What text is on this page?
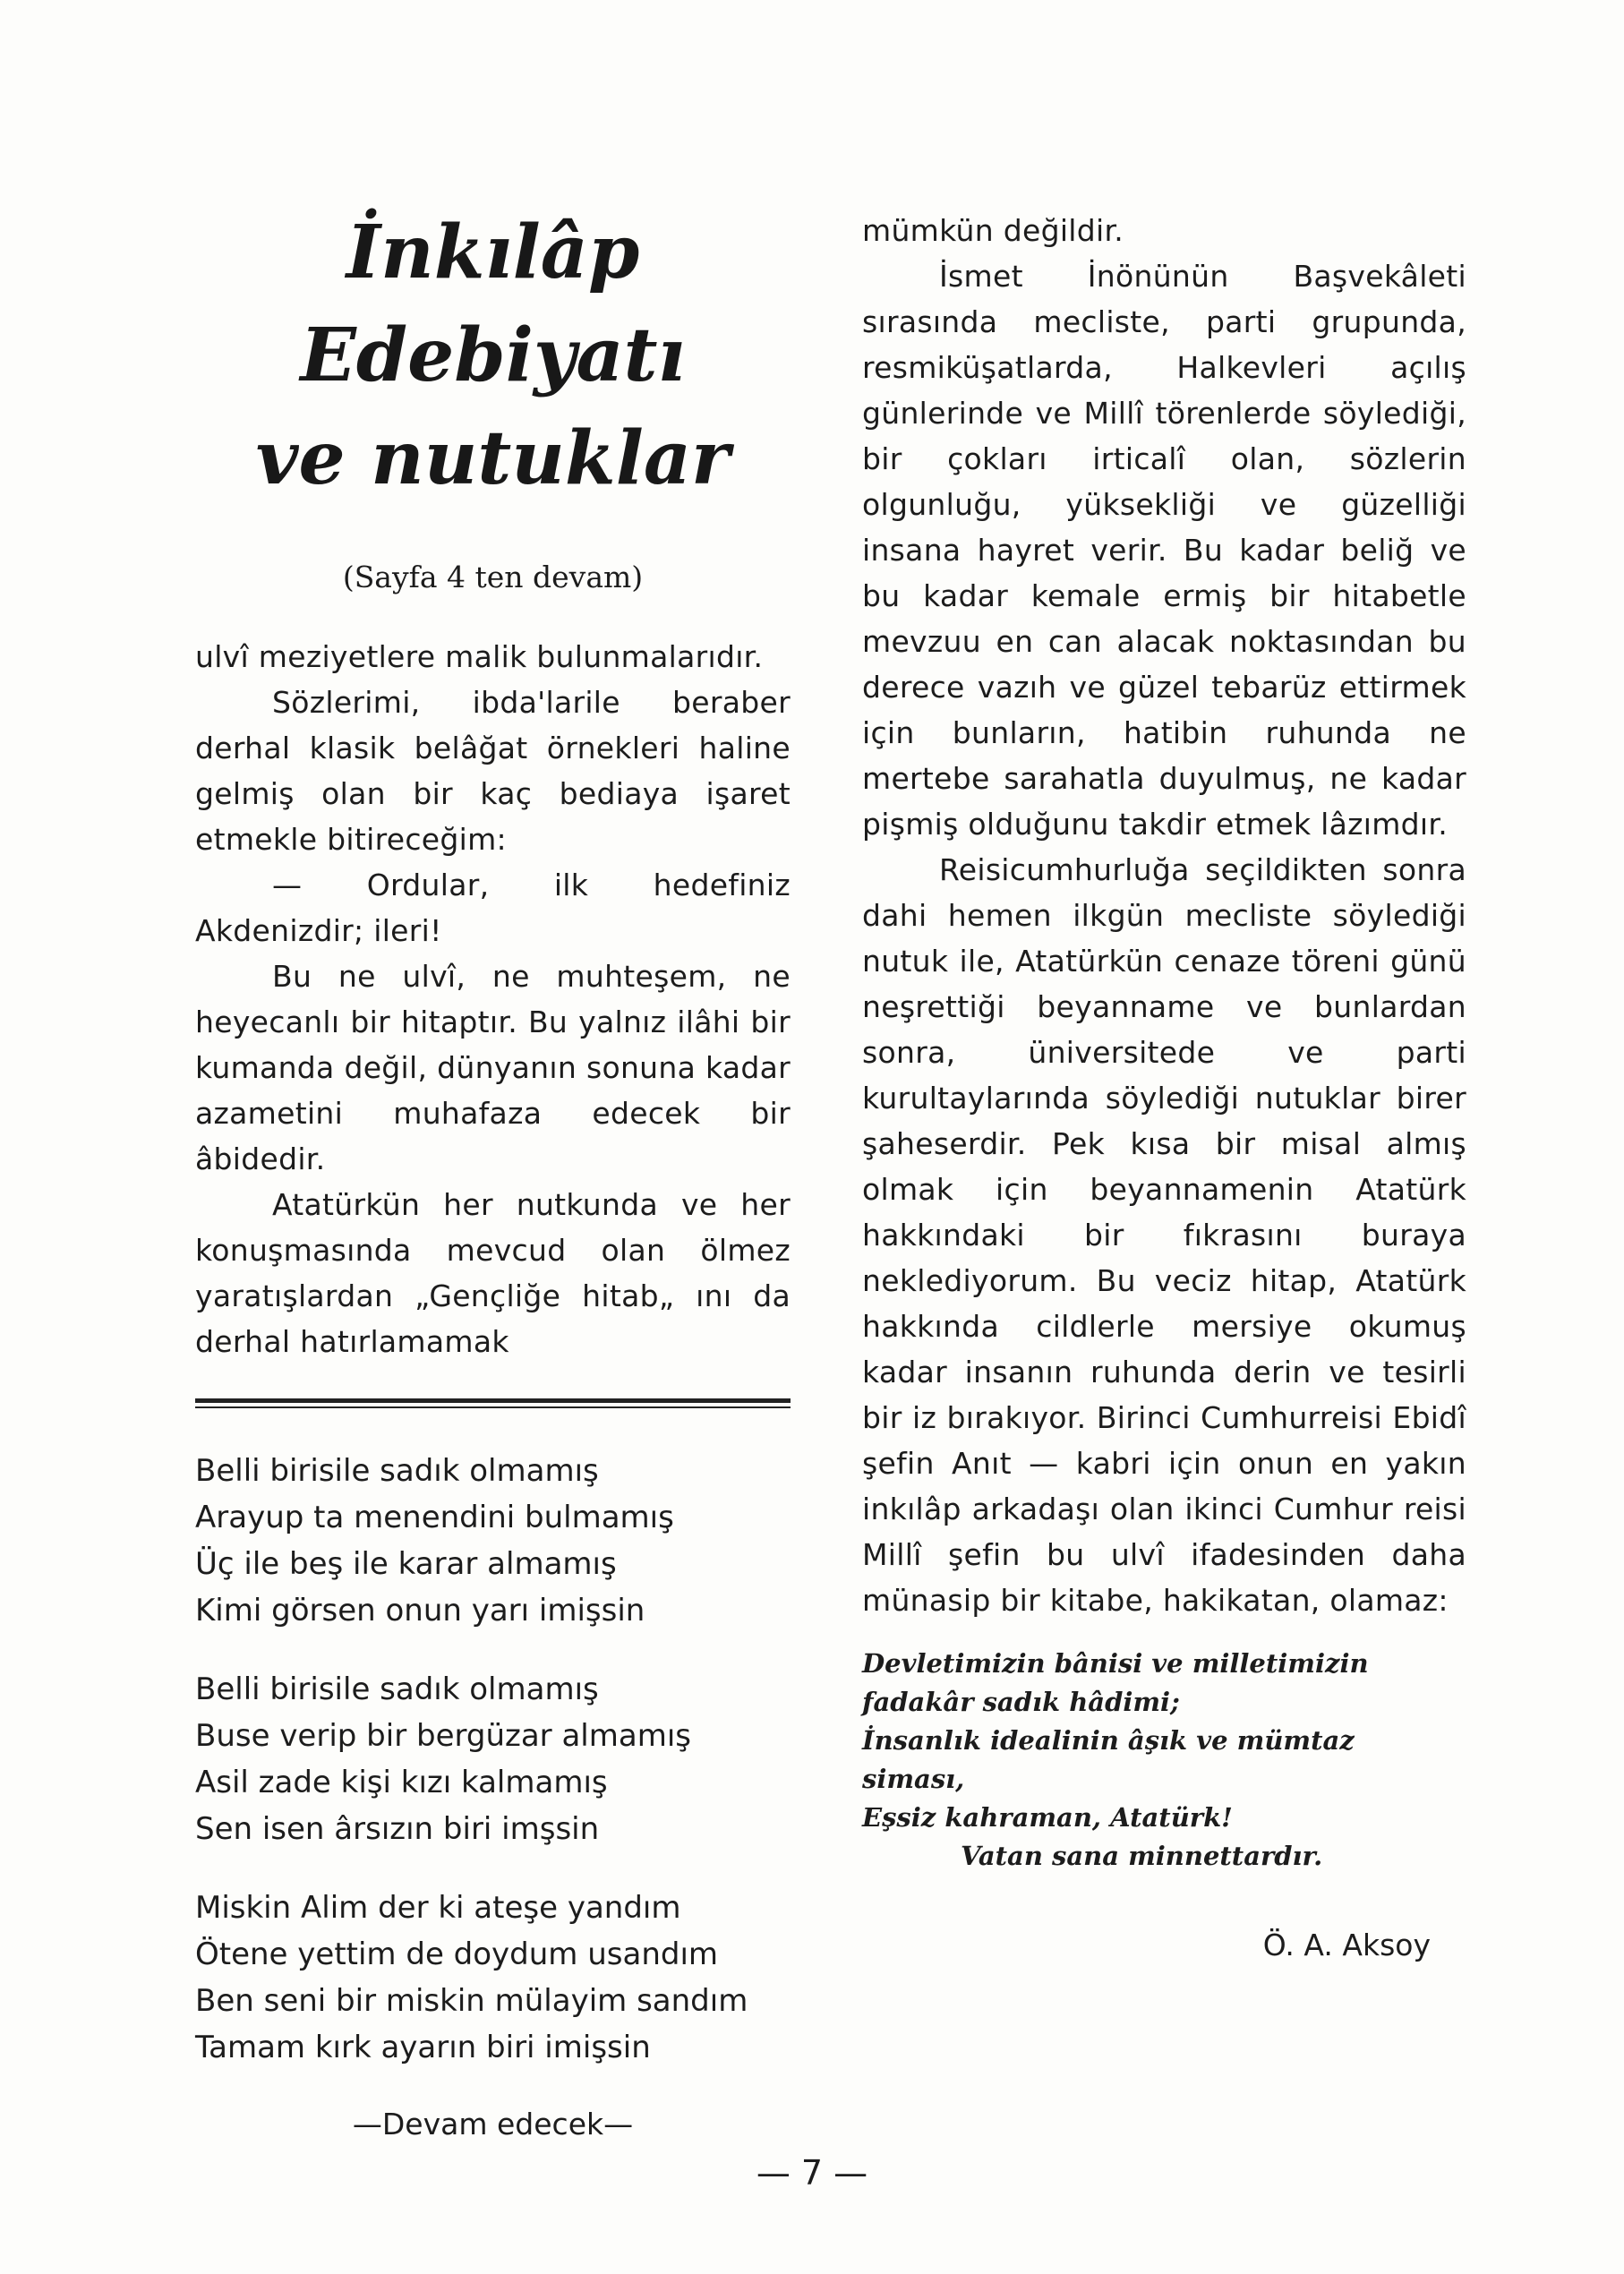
İnkılâp Edebiyatı
ve nutuklar
(Sayfa 4 ten devam)

ulvî meziyetlere malik bulunmalarıdır.

Sözlerimi, ibda'larile beraber derhal klasik belâğat örnekleri haline gelmiş olan bir kaç bediaya işaret etmekle bitireceğim:

— Ordular, ilk hedefiniz Akdenizdir; ileri!

Bu ne ulvî, ne muhteşem, ne heyecanlı bir hitaptır. Bu yalnız ilâhi bir kumanda değil, dünyanın sonuna kadar azametini muhafaza edecek bir âbidedir.

Atatürkün her nutkunda ve her konuşmasında mevcud olan ölmez yaratışlardan „Gençliğe hitab„ ını da derhal hatırlamamak

Belli birisile sadık olmamış
Arayup ta menendini bulmamış
Üç ile beş ile karar almamış
Kimi görsen onun yarı imişsin
Belli birisile sadık olmamış
Buse verip bir bergüzar almamış
Asil zade kişi kızı kalmamış
Sen isen ârsızın biri imşsin
Miskin Alim der ki ateşe yandım
Ötene yettim de doydum usandım
Ben seni bir miskin mülayim sandım
Tamam kırk ayarın biri imişsin
—Devam edecek—

mümkün değildir.

İsmet İnönünün Başvekâleti sırasında mecliste, parti grupunda, resmiküşatlarda, Halkevleri açılış günlerinde ve Millî törenlerde söylediği, bir çokları irticalî olan, sözlerin olgunluğu, yüksekliği ve güzelliği insana hayret verir. Bu kadar beliğ ve bu kadar kemale ermiş bir hitabetle mevzuu en can alacak noktasından bu derece vazıh ve güzel tebarüz ettirmek için bunların, hatibin ruhunda ne mertebe sarahatla duyulmuş, ne kadar pişmiş olduğunu takdir etmek lâzımdır.

Reisicumhurluğa seçildikten sonra dahi hemen ilkgün mecliste söylediği nutuk ile, Atatürkün cenaze töreni günü neşrettiği beyanname ve bunlardan sonra, üniversitede ve parti kurultaylarında söylediği nutuklar birer şaheserdir. Pek kısa bir misal almış olmak için beyannamenin Atatürk hakkındaki bir fıkrasını buraya neklediyorum. Bu veciz hitap, Atatürk hakkında cildlerle mersiye okumuş kadar insanın ruhunda derin ve tesirli bir iz bırakıyor. Birinci Cumhurreisi Ebidî şefin Anıt — kabri için onun en yakın inkılâp arkadaşı olan ikinci Cumhur reisi Millî şefin bu ulvî ifadesinden daha münasip bir kitabe, hakikatan, olamaz:

Devletimizin bânisi ve milletimizin
fadakâr sadık hâdimi;
İnsanlık idealinin âşık ve mümtaz
siması,
Eşsiz kahraman, Atatürk!
Vatan sana minnettardır.
Ö. A. Aksoy
— 7 —
